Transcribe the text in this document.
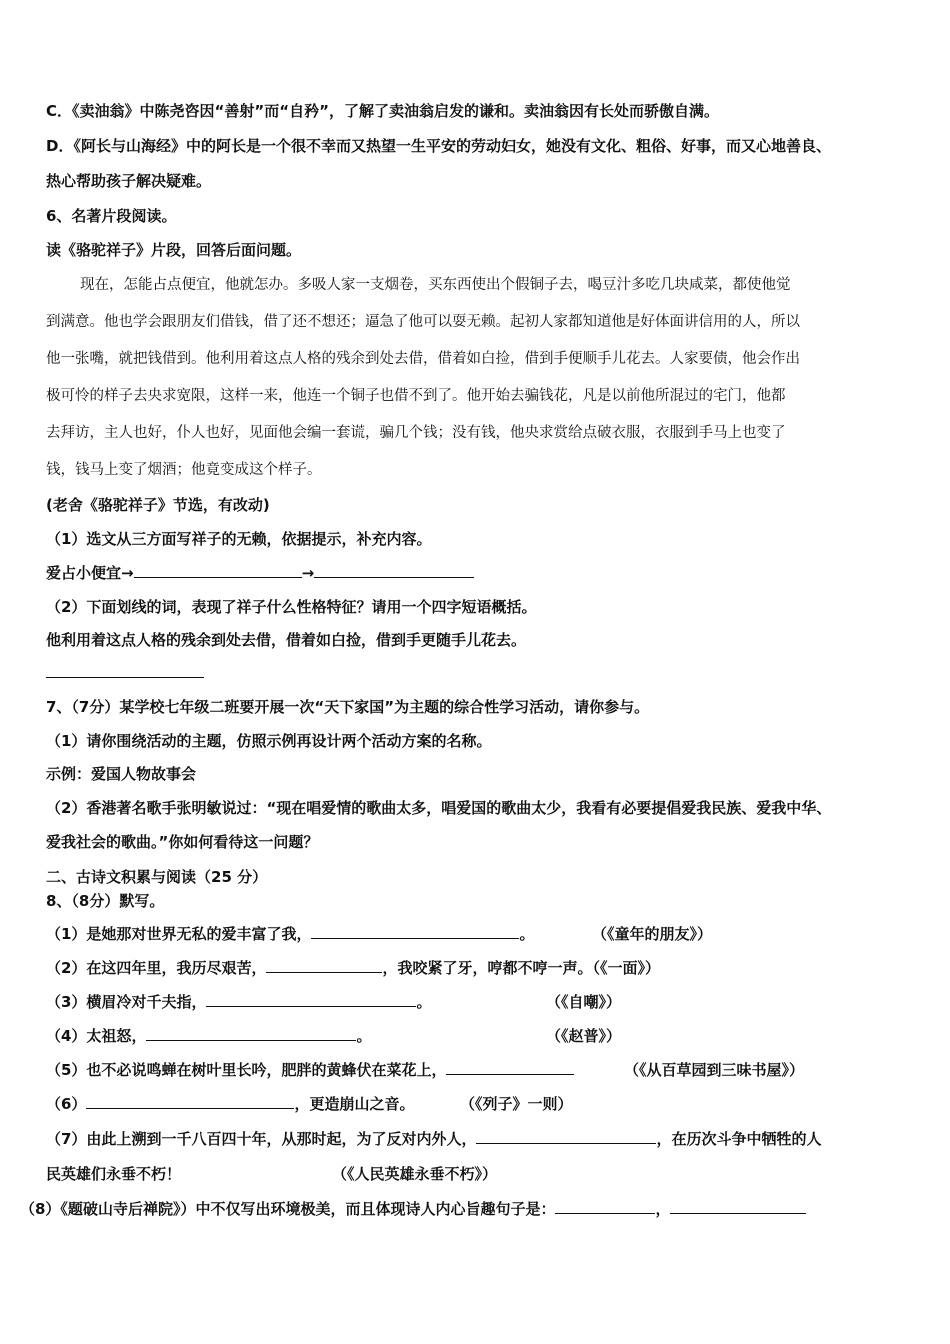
C．《卖油翁》中陈尧咨因“善射”而“自矜”，了解了卖油翁启发的谦和。卖油翁因有长处而骄傲自满。
D．《阿长与山海经》中的阿长是一个很不幸而又热望一生平安的劳动妇女，她没有文化、粗俗、好事，而又心地善良、
热心帮助孩子解决疑难。
6、名著片段阅读。
读《骆驼祥子》片段，回答后面问题。
现在，怎能占点便宜，他就怎办。多吸人家一支烟卷，买东西使出个假铜子去，喝豆汁多吃几块咸菜，都使他觉
到满意。他也学会跟朋友们借钱，借了还不想还；逼急了他可以耍无赖。起初人家都知道他是好体面讲信用的人，所以
他一张嘴，就把钱借到。他利用着这点人格的残余到处去借，借着如白捡，借到手便顺手儿花去。人家要债，他会作出
极可怜的样子去央求宽限，这样一来，他连一个铜子也借不到了。他开始去骗钱花，凡是以前他所混过的宅门，他都
去拜访，主人也好，仆人也好，见面他会编一套谎，骗几个钱；没有钱，他央求赏给点破衣服，衣服到手马上也变了
钱，钱马上变了烟酒；他竟变成这个样子。
(老舍《骆驼祥子》节选，有改动)
（1）选文从三方面写祥子的无赖，依据提示，补充内容。
爱占小便宜→	→
（2）下面划线的词，表现了祥子什么性格特征？请用一个四字短语概括。
他利用着这点人格的残余到处去借，借着如白捡，借到手更随手儿花去。
7、（7分）某学校七年级二班要开展一次“天下家国”为主题的综合性学习活动，请你参与。
（1）请你围绕活动的主题，仿照示例再设计两个活动方案的名称。
示例：爱国人物故事会
（2）香港著名歌手张明敏说过：“现在唱爱情的歌曲太多，唱爱国的歌曲太少，我看有必要提倡爱我民族、爱我中华、
爱我社会的歌曲。”你如何看待这一问题？
二、古诗文积累与阅读（25 分）
8、（8分）默写。
（1）是她那对世界无私的爱丰富了我，	。	（《童年的朋友》）
（2）在这四年里，我历尽艰苦，	，我咬紧了牙，哼都不哼一声。（《一面》）
（3）横眉冷对千夫指，	。	（《自嘲》）
（4）太祖怒，	。	（《赵普》）
（5）也不必说鸣蝉在树叶里长吟，肥胖的黄蜂伏在菜花上，	（《从百草园到三味书屋》）
（6）	，更造崩山之音。	（《列子》一则）
（7）由此上溯到一千八百四十年，从那时起，为了反对内外人，	，在历次斗争中牺牲的人
民英雄们永垂不朽！	（《人民英雄永垂不朽》）
（8）《题破山寺后禅院》）中不仅写出环境极美，而且体现诗人内心旨趣句子是：	，
